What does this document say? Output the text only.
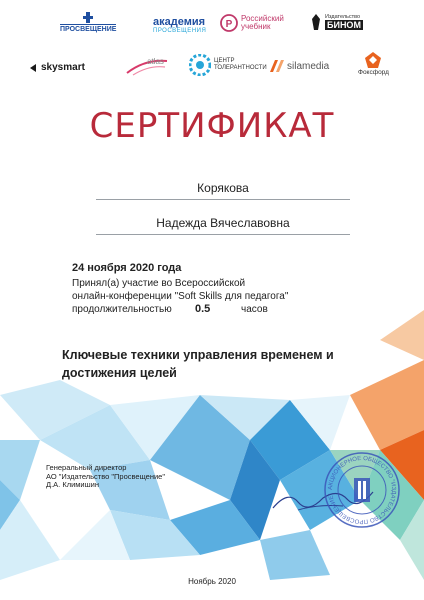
ПРОСВЕЩЕНИЕ
академия
ПРОСВЕЩЕНИЯ
Р
Российский
учебник
Издательство
БИНОМ
skysmart
atlas	ЦЕНТР
ТОЛЕРАНТНОСТИ silamedia
Фоксфорд
СЕРТИФИКАТ
Корякова
Надежда Вячеславовна
24 ноября 2020 года
Принял(а) участие во Всероссийской
онлайн-конференции "Soft Skills для педагога"
продолжительностью 0.5	часов
Ключевые техники управления временем и достижения целей
Генеральный директор
АО "Издательство "Просвещение"
Д.А. Климишин	АКЦИОНЕРНОЕ ОБЩЕСТВО "ИЗДАТЕЛЬСТВО ПРОСВЕЩЕНИЕ"
Ноябрь 2020
